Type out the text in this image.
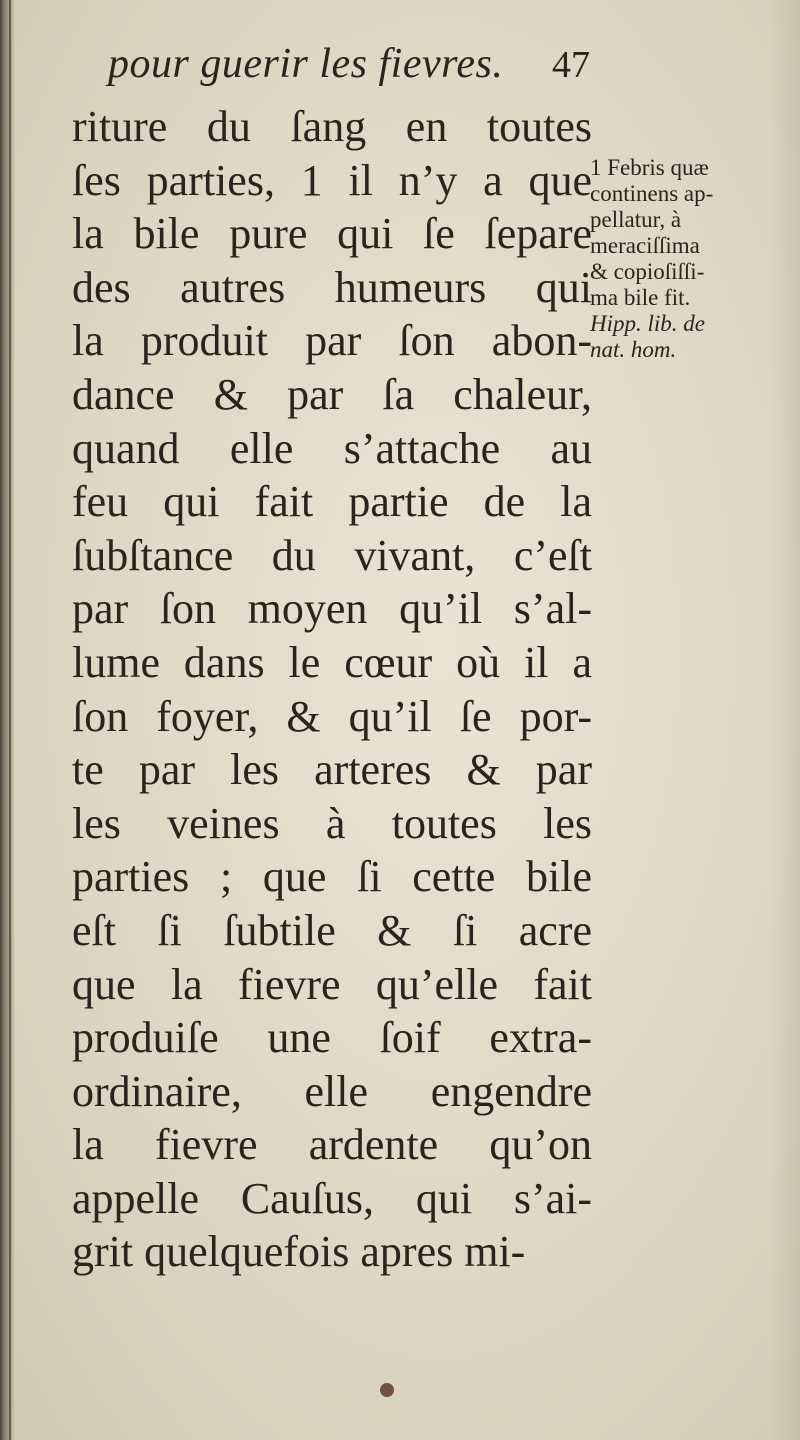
pour guerir les fievres. 47
riture du ſang en toutes
ſes parties, 1 il n’y a que
la bile pure qui ſe ſepare
des autres humeurs qui
la produit par ſon abon-
dance & par ſa chaleur,
quand elle s’attache au
feu qui fait partie de la
ſubſtance du vivant, c’eſt
par ſon moyen qu’il s’al-
lume dans le cœur où il a
ſon foyer, & qu’il ſe por-
te par les arteres & par
les veines à toutes les
parties ; que ſi cette bile
eſt ſi ſubtile & ſi acre
que la fievre qu’elle fait
produiſe une ſoif extra-
ordinaire, elle engendre
la fievre ardente qu’on
appelle Cauſus, qui s’ai-
grit quelquefois apres mi-
1 Febris quæ
continens ap-
pellatur, à
meraciſſima
& copioſiſſi-
ma bile fit.
Hipp. lib. de
nat. hom.
